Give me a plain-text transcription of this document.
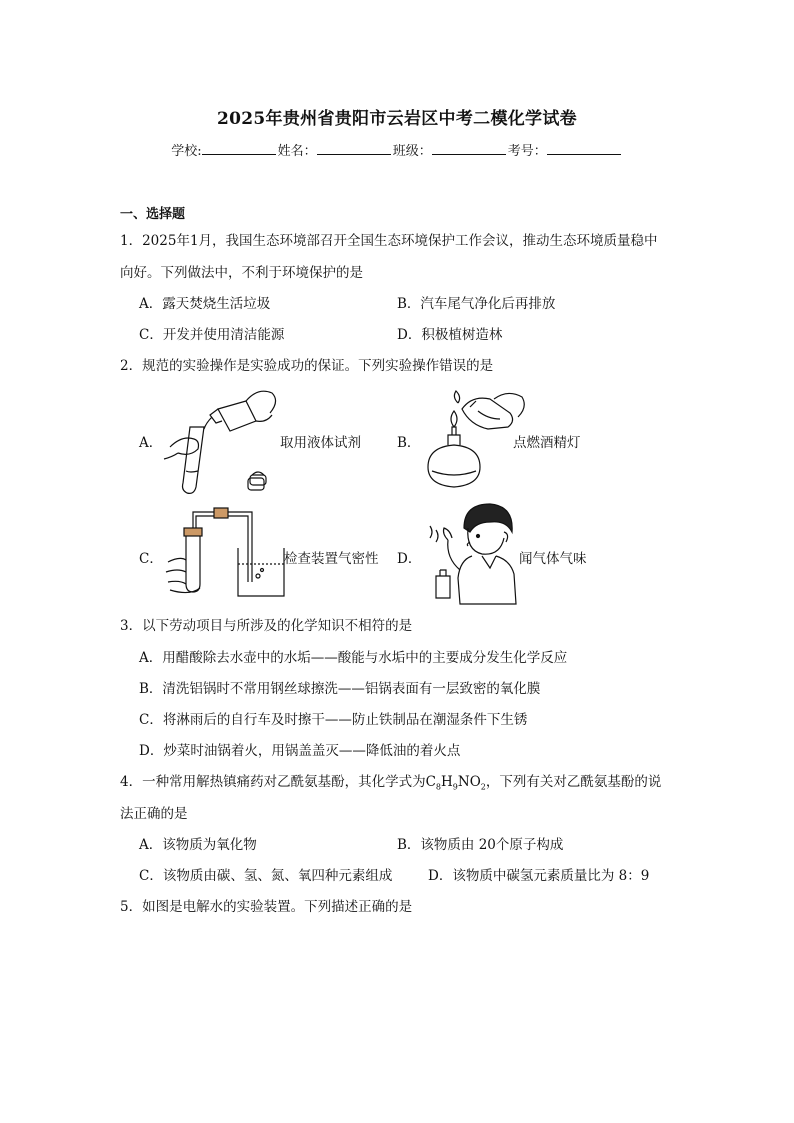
2025年贵州省贵阳市云岩区中考二模化学试卷
学校:	姓名：	班级：	考号：
一、选择题
1．2025年1月，我国生态环境部召开全国生态环境保护工作会议，推动生态环境质量稳中
向好。下列做法中，不利于环境保护的是
A．露天焚烧生活垃圾	B．汽车尾气净化后再排放
C．开发并使用清洁能源	D．积极植树造林
2．规范的实验操作是实验成功的保证。下列实验操作错误的是
A．	取用液体试剂	B．	点燃酒精灯
C．	检查装置气密性 D．	闻气体气味
3．以下劳动项目与所涉及的化学知识不相符的是
A．用醋酸除去水壶中的水垢——酸能与水垢中的主要成分发生化学反应
B．清洗铝锅时不常用钢丝球擦洗——铝锅表面有一层致密的氧化膜
C．将淋雨后的自行车及时擦干——防止铁制品在潮湿条件下生锈
D．炒菜时油锅着火，用锅盖盖灭——降低油的着火点
4．一种常用解热镇痛药对乙酰氨基酚，其化学式为$C_8H_9NO_2$，下列有关对乙酰氨基酚的说
法正确的是
A．该物质为氧化物	B．该物质由 20个原子构成
C．该物质由碳、氢、氮、氧四种元素组成	D．该物质中碳氢元素质量比为 8：9
5．如图是电解水的实验装置。下列描述正确的是
